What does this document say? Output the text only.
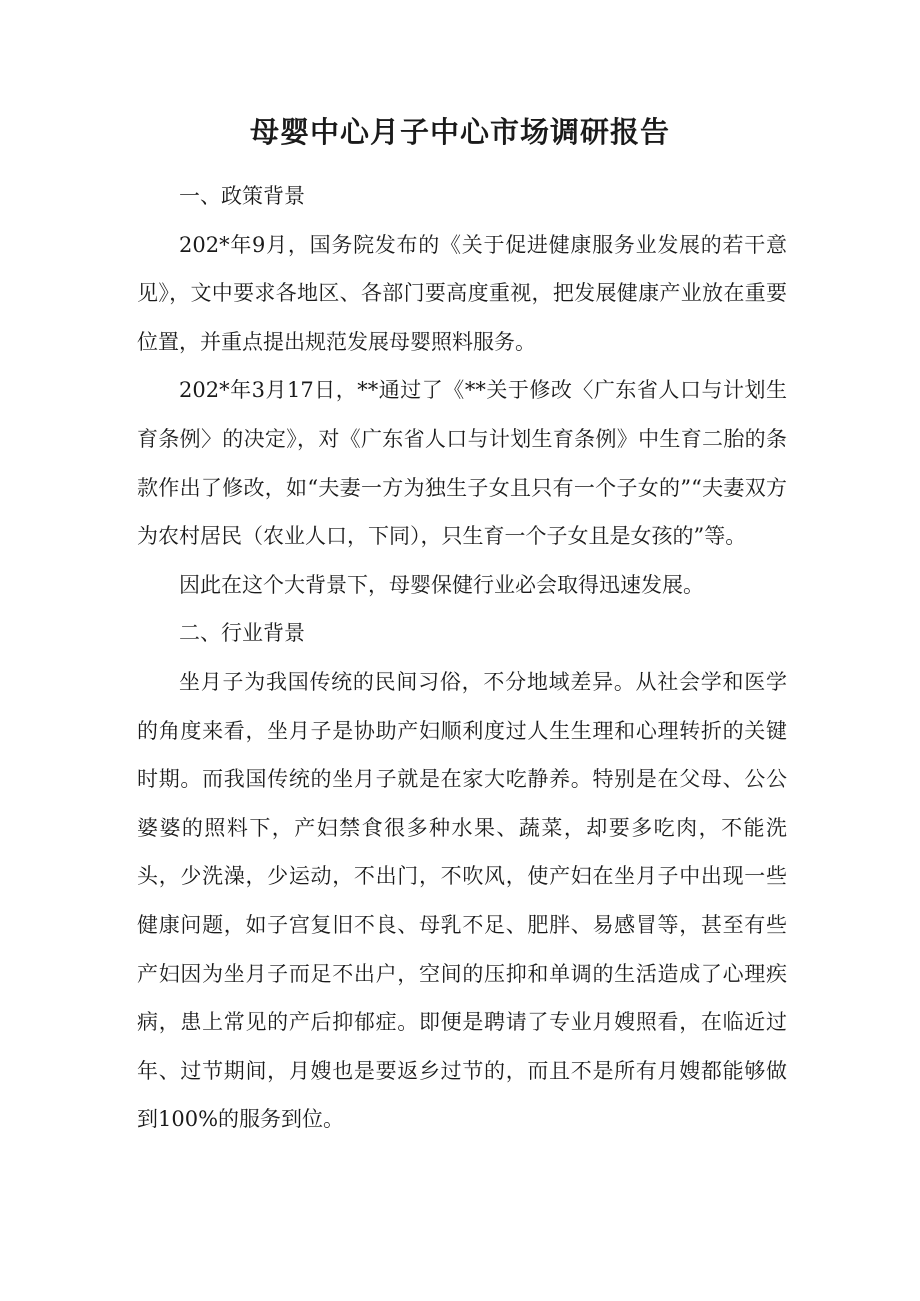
母婴中心月子中心市场调研报告

一、政策背景

202*年9月，国务院发布的《关于促进健康服务业发展的若干意见》，文中要求各地区、各部门要高度重视，把发展健康产业放在重要位置，并重点提出规范发展母婴照料服务。

202*年3月17日，**通过了《**关于修改〈广东省人口与计划生育条例〉的决定》，对《广东省人口与计划生育条例》中生育二胎的条款作出了修改，如“夫妻一方为独生子女且只有一个子女的”“夫妻双方为农村居民（农业人口，下同），只生育一个子女且是女孩的”等。

因此在这个大背景下，母婴保健行业必会取得迅速发展。

二、行业背景

坐月子为我国传统的民间习俗，不分地域差异。从社会学和医学的角度来看，坐月子是协助产妇顺利度过人生生理和心理转折的关键时期。而我国传统的坐月子就是在家大吃静养。特别是在父母、公公婆婆的照料下，产妇禁食很多种水果、蔬菜，却要多吃肉，不能洗头，少洗澡，少运动，不出门，不吹风，使产妇在坐月子中出现一些健康问题，如子宫复旧不良、母乳不足、肥胖、易感冒等，甚至有些产妇因为坐月子而足不出户，空间的压抑和单调的生活造成了心理疾病，患上常见的产后抑郁症。即便是聘请了专业月嫂照看，在临近过年、过节期间，月嫂也是要返乡过节的，而且不是所有月嫂都能够做到100%的服务到位。
